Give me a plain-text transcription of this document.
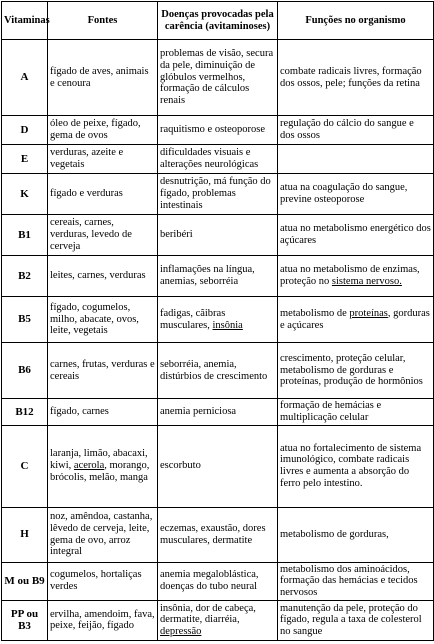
Vitaminas	Fontes	Doenças provocadas pela carência (avitaminoses)	Funções no organismo
A	fígado de aves, animais e cenoura	problemas de visão, secura da pele, diminuição de glóbulos vermelhos, formação de cálculos renais	combate radicais livres, formação dos ossos, pele; funções da retina
D	óleo de peixe, fígado, gema de ovos	raquitismo e osteoporose	regulação do cálcio do sangue e dos ossos
E	verduras, azeite e vegetais	dificuldades visuais e alterações neurológicas	
K	fígado e verduras	desnutrição, má função do fígado, problemas intestinais	atua na coagulação do sangue, previne osteoporose
B1	cereais, carnes, verduras, levedo de cerveja	beribéri	atua no metabolismo energético dos açúcares
B2	leites, carnes, verduras	inflamações na língua, anemias, seborréia	atua no metabolismo de enzimas, proteção no sistema nervoso.
B5	fígado, cogumelos, milho, abacate, ovos, leite, vegetais	fadigas, cãibras musculares, insônia	metabolismo de proteínas, gorduras e açúcares
B6	carnes, frutas, verduras e cereais	seborréia, anemia, distúrbios de crescimento	crescimento, proteção celular, metabolismo de gorduras e proteínas, produção de hormônios
B12	fígado, carnes	anemia perniciosa	formação de hemácias e multiplicação celular
C	laranja, limão, abacaxi, kiwi, acerola, morango, brócolis, melão, manga	escorbuto	atua no fortalecimento de sistema imunológico, combate radicais livres e aumenta a absorção do ferro pelo intestino.
H	noz, amêndoa, castanha, lêvedo de cerveja, leite, gema de ovo, arroz integral	eczemas, exaustão, dores musculares, dermatite	metabolismo de gorduras,
M ou B9	cogumelos, hortaliças verdes	anemia megaloblástica, doenças do tubo neural	metabolismo dos aminoácidos, formação das hemácias e tecidos nervosos
PP ou B3	ervilha, amendoim, fava, peixe, feijão, fígado	insônia, dor de cabeça, dermatite, diarréia, depressão	manutenção da pele, proteção do fígado, regula a taxa de colesterol no sangue
